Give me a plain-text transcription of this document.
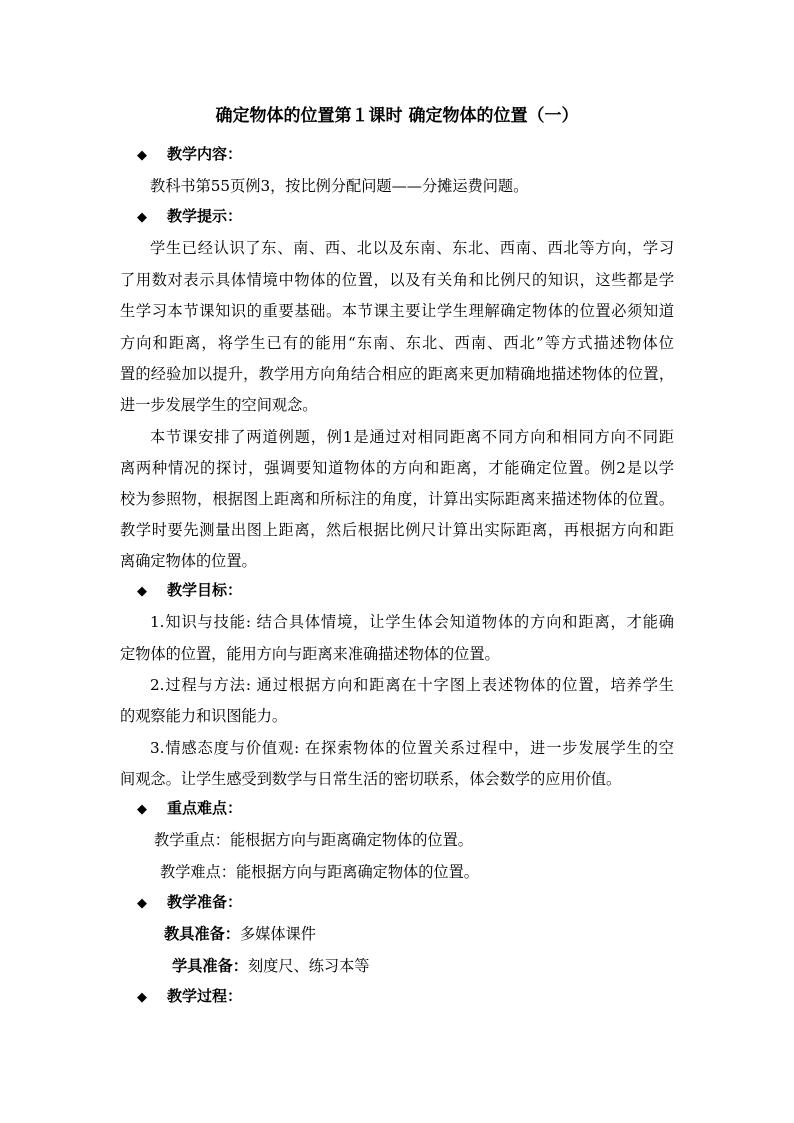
确定物体的位置第１课时 确定物体的位置（一）
◆ 教学内容：
教科书第55页例3，按比例分配问题——分摊运费问题。
◆ 教学提示：
学生已经认识了东、南、西、北以及东南、东北、西南、西北等方向，学习
了用数对表示具体情境中物体的位置，以及有关角和比例尺的知识，这些都是学
生学习本节课知识的重要基础。本节课主要让学生理解确定物体的位置必须知道
方向和距离，将学生已有的能用“东南、东北、西南、西北”等方式描述物体位
置的经验加以提升，教学用方向角结合相应的距离来更加精确地描述物体的位置，
进一步发展学生的空间观念。
本节课安排了两道例题，例1是通过对相同距离不同方向和相同方向不同距
离两种情况的探讨，强调要知道物体的方向和距离，才能确定位置。例2是以学
校为参照物，根据图上距离和所标注的角度，计算出实际距离来描述物体的位置。
教学时要先测量出图上距离，然后根据比例尺计算出实际距离，再根据方向和距
离确定物体的位置。
◆ 教学目标：
1.知识与技能: 结合具体情境，让学生体会知道物体的方向和距离，才能确
定物体的位置，能用方向与距离来准确描述物体的位置。
2.过程与方法: 通过根据方向和距离在十字图上表述物体的位置，培养学生
的观察能力和识图能力。
3.情感态度与价值观: 在探索物体的位置关系过程中，进一步发展学生的空
间观念。让学生感受到数学与日常生活的密切联系，体会数学的应用价值。
◆ 重点难点：
教学重点：能根据方向与距离确定物体的位置。
教学难点：能根据方向与距离确定物体的位置。
◆ 教学准备：
教具准备：多媒体课件
学具准备：刻度尺、练习本等
◆ 教学过程：
